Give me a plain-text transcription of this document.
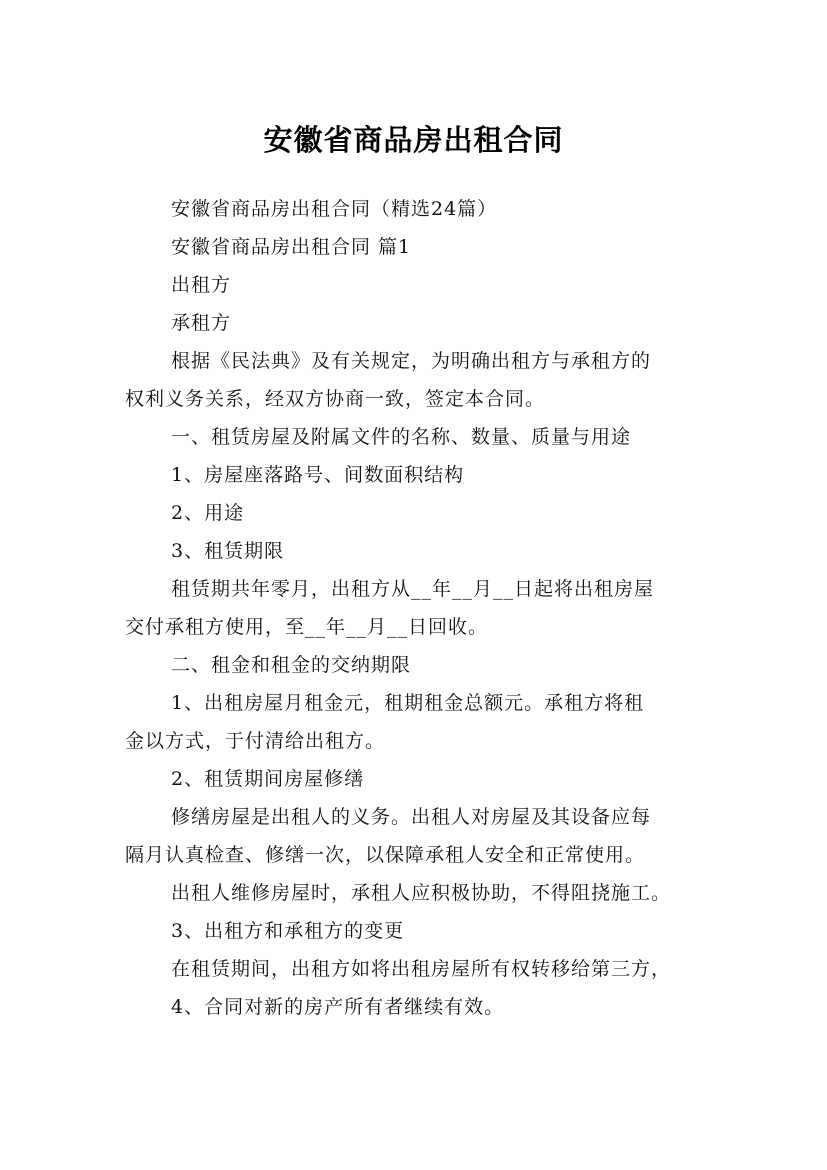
安徽省商品房出租合同

安徽省商品房出租合同（精选24篇）

安徽省商品房出租合同 篇1

出租方

承租方

根据《民法典》及有关规定，为明确出租方与承租方的

权利义务关系，经双方协商一致，签定本合同。

一、租赁房屋及附属文件的名称、数量、质量与用途

1、房屋座落路号、间数面积结构

2、用途

3、租赁期限

租赁期共年零月，出租方从__年__月__日起将出租房屋

交付承租方使用，至__年__月__日回收。

二、租金和租金的交纳期限

1、出租房屋月租金元，租期租金总额元。承租方将租

金以方式，于付清给出租方。

2、租赁期间房屋修缮

修缮房屋是出租人的义务。出租人对房屋及其设备应每

隔月认真检查、修缮一次，以保障承租人安全和正常使用。

出租人维修房屋时，承租人应积极协助，不得阻挠施工。

3、出租方和承租方的变更

在租赁期间，出租方如将出租房屋所有权转移给第三方，

4、合同对新的房产所有者继续有效。
